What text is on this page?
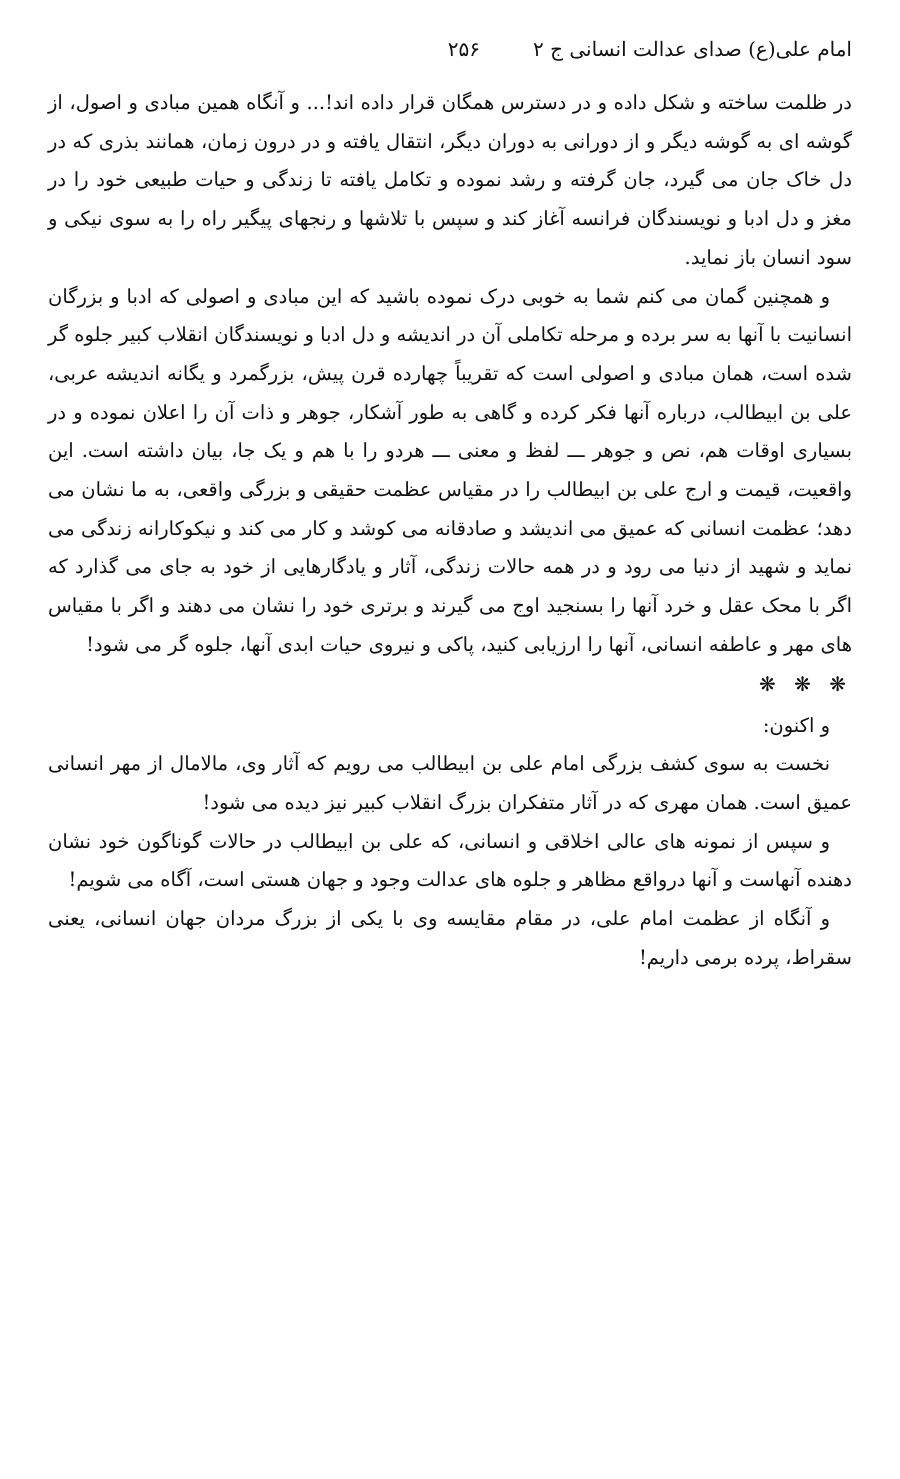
امام علی(ع) صدای عدالت انسانی ج ۲
۲۵۶

در ظلمت ساخته و شکل داده و در دسترس همگان قرار داده اند!... و آنگاه همین مبادی و اصول، از گوشه ای به گوشه دیگر و از دورانی به دوران دیگر، انتقال یافته و در درون زمان، همانند بذری که در دل خاک جان می گیرد، جان گرفته و رشد نموده و تکامل یافته تا زندگی و حیات طبیعی خود را در مغز و دل ادبا و نویسندگان فرانسه آغاز کند و سپس با تلاشها و رنجهای پیگیر راه را به سوی نیکی و سود انسان باز نماید.

و همچنین گمان می کنم شما به خوبی درک نموده باشید که این مبادی و اصولی که ادبا و بزرگان انسانیت با آنها به سر برده و مرحله تکاملی آن در اندیشه و دل ادبا و نویسندگان انقلاب کبیر جلوه گر شده است، همان مبادی و اصولی است که تقریباً چهارده قرن پیش، بزرگمرد و یگانه اندیشه عربی، علی بن ابیطالب، درباره آنها فکر کرده و گاهی به طور آشکار، جوهر و ذات آن را اعلان نموده و در بسیاری اوقات هم، نص و جوهر ـــ لفظ و معنی ـــ هردو را با هم و یک جا، بیان داشته است. این واقعیت، قیمت و ارج علی بن ابیطالب را در مقیاس عظمت حقیقی و بزرگی واقعی، به ما نشان می دهد؛ عظمت انسانی که عمیق می اندیشد و صادقانه می کوشد و کار می کند و نیکوکارانه زندگی می نماید و شهید از دنیا می رود و در همه حالات زندگی، آثار و یادگارهایی از خود به جای می گذارد که اگر با محک عقل و خرد آنها را بسنجید اوج می گیرند و برتری خود را نشان می دهند و اگر با مقیاس های مهر و عاطفه انسانی، آنها را ارزیابی کنید، پاکی و نیروی حیات ابدی آنها، جلوه گر می شود!

❋ ❋ ❋

و اکنون:

نخست به سوی کشف بزرگی امام علی بن ابیطالب می رویم که آثار وی، مالامال از مهر انسانی عمیق است. همان مهری که در آثار متفکران بزرگ انقلاب کبیر نیز دیده می شود!

و سپس از نمونه های عالی اخلاقی و انسانی، که علی بن ابیطالب در حالات گوناگون خود نشان دهنده آنهاست و آنها درواقع مظاهر و جلوه های عدالت وجود و جهان هستی است، آگاه می شویم!

و آنگاه از عظمت امام علی، در مقام مقایسه وی با یکی از بزرگ مردان جهان انسانی، یعنی سقراط، پرده برمی داریم!
